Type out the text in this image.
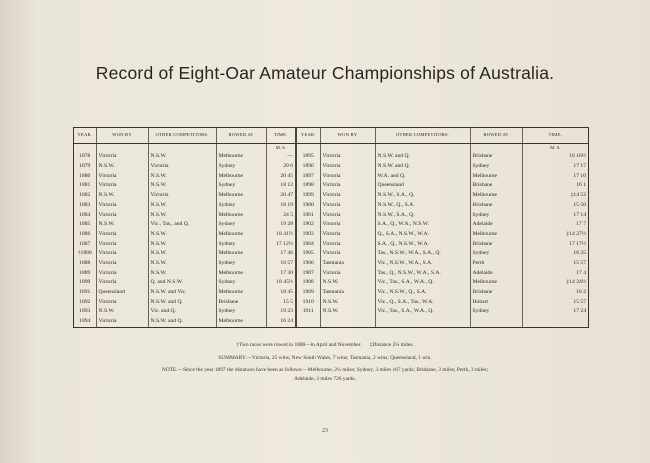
Record of Eight-Oar Amateur Championships of Australia.
YEAR.	WON BY	OTHER COMPETITORS.	ROWED AT	TIME.	YEAR.	WON BY	OTHER COMPETITORS.	ROWED AT	TIME.
				M. S.					M. S.
1878	Victoria	N.S.W.	Melbourne	—	1895	Victoria	N.S.W. and Q.	Brisbane	16 16½
1879	N.S.W.	Victoria	Sydney	20 6	1896	Victoria	N.S.W. and Q.	Sydney	17 17
1880	Victoria	N.S.W.	Melbourne	20 45	1897	Victoria	W.A. and Q.	Melbourne	17 10
1881	Victoria	N.S.W.	Sydney	18 12	1898	Victoria	Queensland	Brisbane	16 1
1882	N.S.W.	Victoria	Melbourne	20 47	1899	Victoria	N.S.W., S.A., Q.	Melbourne	‡14 52
1883	Victoria	N.S.W.	Sydney	18 19	1900	Victoria	N.S.W., Q., S.A.	Brisbane	15 50
1884	Victoria	N.S.W.	Melbourne	24 5	1901	Victoria	N.S.W., S.A., Q.	Sydney	17 14
1885	N.S.W.	Vic., Tas., and Q.	Sydney	19 28	1902	Victoria	S.A., Q., W.A., N.S.W.	Adelaide	17 7
1886	Victoria	N.S.W.	Melbourne	18 41½	1903	Victoria	Q., S.A., N.S.W., W.A.	Melbourne	‡14 27½
1887	Victoria	N.S.W.	Sydney	17 12½	1904	Victoria	S.A., Q., N.S.W., W.A.	Brisbane	17 17½
†1888	Victoria	N.S.W.	Melbourne	17 46	1905	Victoria	Tas., N.S.W., W.A., S.A., Q.	Sydney	16 25
1888	Victoria	N.S.W.	Sydney	16 57	1906	Tasmania	Vic., N.S.W., W.A., S.A.	Perth	15 57
1889	Victoria	N.S.W.	Melbourne	17 30	1907	Victoria	Tas., Q., N.S.W., W.A., S.A.	Adelaide	17 4
1890	Victoria	Q. and N.S.W.	Sydney	18 45½	1908	N.S.W.	Vic., Tas., S.A., W.A., Q.	Melbourne	‡14 24½
1891	Queensland	N.S.W. and Vic.	Melbourne	18 45	1909	Tasmania	Vic., N.S.W., Q., S.A.	Brisbane	16 2
1892	Victoria	N.S.W. and Q.	Brisbane	15 5	1910	N.S.W.	Vic., Q., S.A., Tas., W.A.	Hobart	15 57
1893	N.S.W.	Vic. and Q.	Sydney	19 23	1911	N.S.W.	Vic., Tas., S.A., W.A., Q.	Sydney	17 24
1894	Victoria	N.S.W. and Q.	Melbourne	16 24					
†Two races were rowed in 1888—in April and November. ‡Distance 2¼ miles.
SUMMARY.—Victoria, 25 wins; New South Wales, 7 wins; Tasmania, 2 wins; Queensland, 1 win.
NOTE.—Since the year 1897 the distances have been as follows:—Melbourne, 2¼ miles; Sydney, 3 miles 167 yards; Brisbane, 3 miles; Perth, 3 miles;
Adelaide, 3 miles 726 yards.
23
